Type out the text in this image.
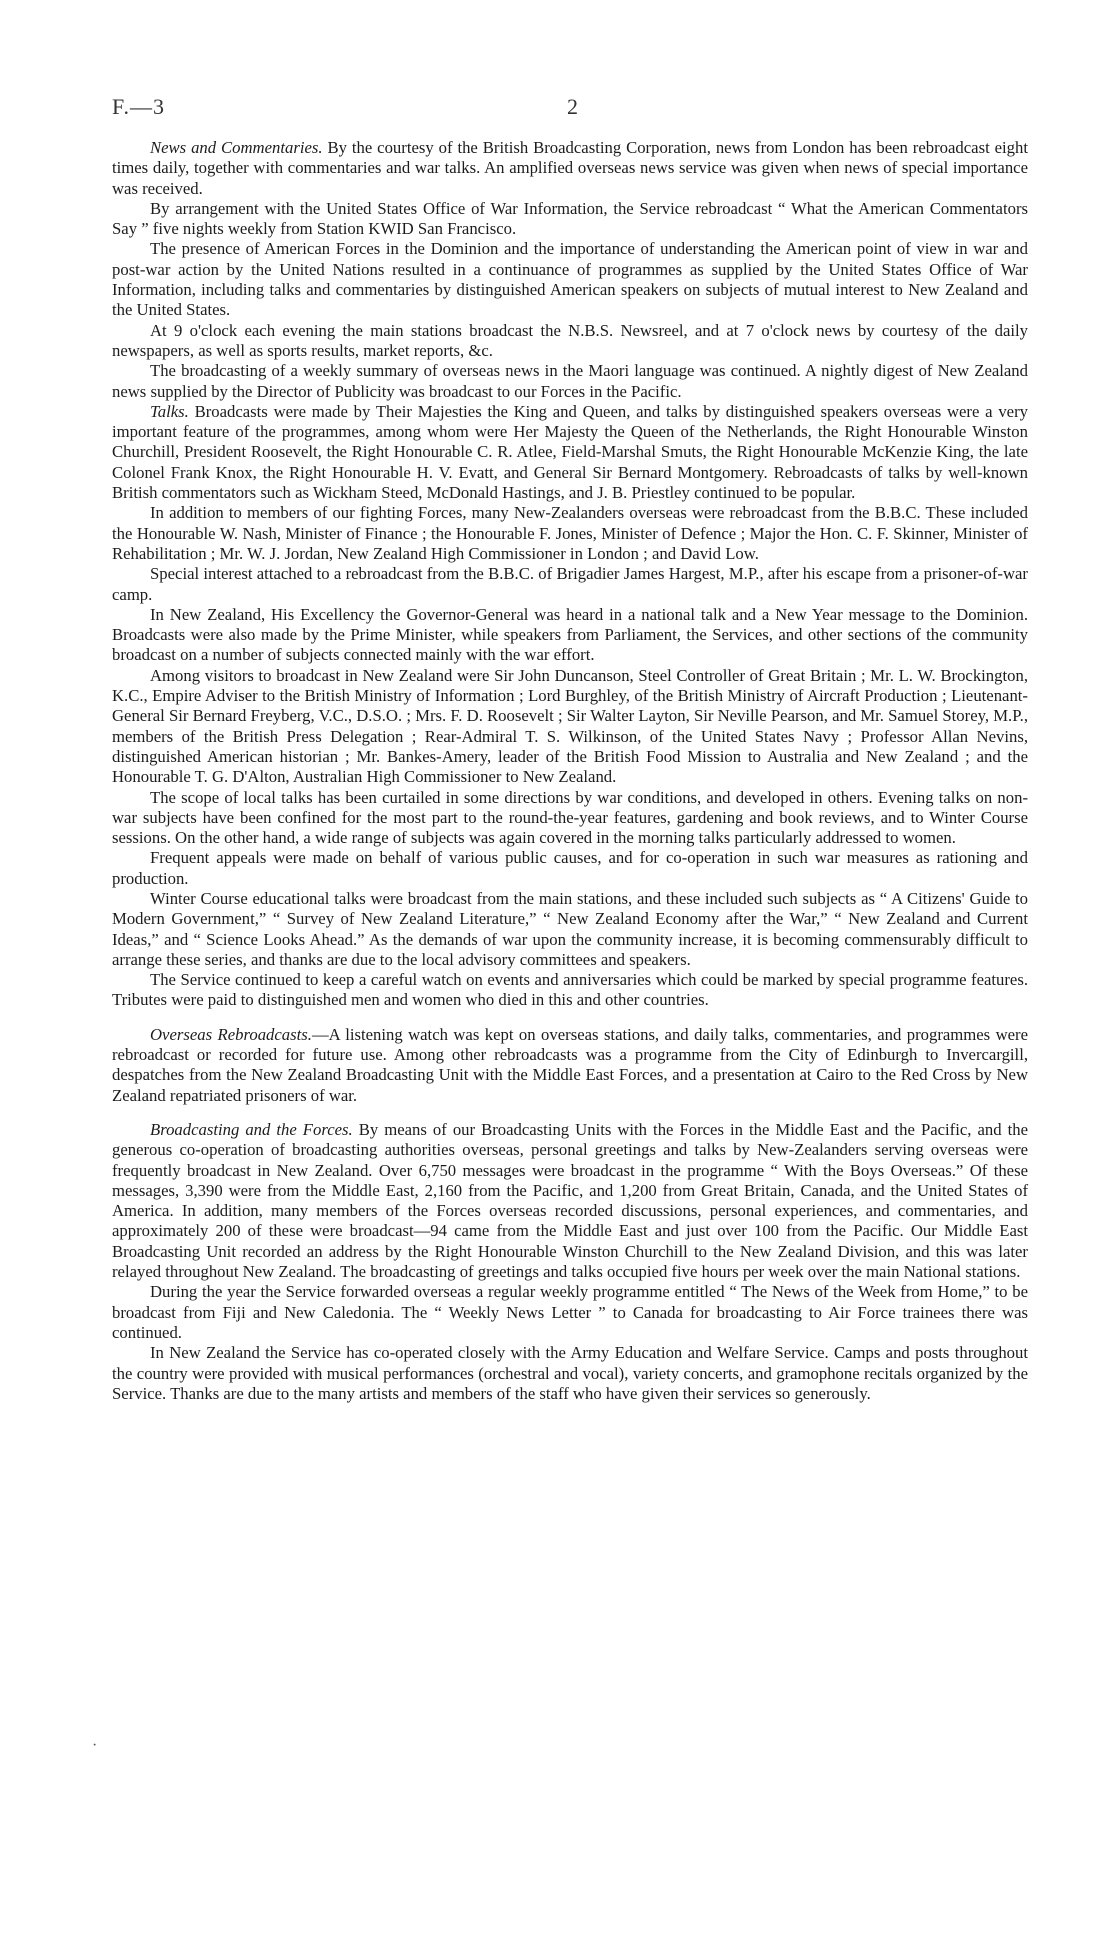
F.—3	2
·

News and Commentaries. By the courtesy of the British Broadcasting Corporation, news from London has been rebroadcast eight times daily, together with commentaries and war talks. An amplified overseas news service was given when news of special importance was received.

By arrangement with the United States Office of War Information, the Service rebroadcast “ What the American Commentators Say ” five nights weekly from Station KWID San Francisco.

The presence of American Forces in the Dominion and the importance of understanding the American point of view in war and post-war action by the United Nations resulted in a continuance of programmes as supplied by the United States Office of War Information, including talks and commentaries by distinguished American speakers on subjects of mutual interest to New Zealand and the United States.

At 9 o'clock each evening the main stations broadcast the N.B.S. Newsreel, and at 7 o'clock news by courtesy of the daily newspapers, as well as sports results, market reports, &c.

The broadcasting of a weekly summary of overseas news in the Maori language was continued. A nightly digest of New Zealand news supplied by the Director of Publicity was broadcast to our Forces in the Pacific.

Talks. Broadcasts were made by Their Majesties the King and Queen, and talks by distinguished speakers overseas were a very important feature of the programmes, among whom were Her Majesty the Queen of the Netherlands, the Right Honourable Winston Churchill, President Roosevelt, the Right Honourable C. R. Atlee, Field-Marshal Smuts, the Right Honourable McKenzie King, the late Colonel Frank Knox, the Right Honourable H. V. Evatt, and General Sir Bernard Montgomery. Rebroadcasts of talks by well-known British commentators such as Wickham Steed, McDonald Hastings, and J. B. Priestley continued to be popular.

In addition to members of our fighting Forces, many New-Zealanders overseas were rebroadcast from the B.B.C. These included the Honourable W. Nash, Minister of Finance ; the Honourable F. Jones, Minister of Defence ; Major the Hon. C. F. Skinner, Minister of Rehabilitation ; Mr. W. J. Jordan, New Zealand High Commissioner in London ; and David Low.

Special interest attached to a rebroadcast from the B.B.C. of Brigadier James Hargest, M.P., after his escape from a prisoner-of-war camp.

In New Zealand, His Excellency the Governor-General was heard in a national talk and a New Year message to the Dominion. Broadcasts were also made by the Prime Minister, while speakers from Parliament, the Services, and other sections of the community broadcast on a number of subjects connected mainly with the war effort.

Among visitors to broadcast in New Zealand were Sir John Duncanson, Steel Controller of Great Britain ; Mr. L. W. Brockington, K.C., Empire Adviser to the British Ministry of Information ; Lord Burghley, of the British Ministry of Aircraft Production ; Lieutenant-General Sir Bernard Freyberg, V.C., D.S.O. ; Mrs. F. D. Roosevelt ; Sir Walter Layton, Sir Neville Pearson, and Mr. Samuel Storey, M.P., members of the British Press Delegation ; Rear-Admiral T. S. Wilkinson, of the United States Navy ; Professor Allan Nevins, distinguished American historian ; Mr. Bankes-Amery, leader of the British Food Mission to Australia and New Zealand ; and the Honourable T. G. D'Alton, Australian High Commissioner to New Zealand.

The scope of local talks has been curtailed in some directions by war conditions, and developed in others. Evening talks on non-war subjects have been confined for the most part to the round-the-year features, gardening and book reviews, and to Winter Course sessions. On the other hand, a wide range of subjects was again covered in the morning talks particularly addressed to women.

Frequent appeals were made on behalf of various public causes, and for co-operation in such war measures as rationing and production.

Winter Course educational talks were broadcast from the main stations, and these included such subjects as “ A Citizens' Guide to Modern Government,” “ Survey of New Zealand Literature,” “ New Zealand Economy after the War,” “ New Zealand and Current Ideas,” and “ Science Looks Ahead.” As the demands of war upon the community increase, it is becoming commensurably difficult to arrange these series, and thanks are due to the local advisory committees and speakers.

The Service continued to keep a careful watch on events and anniversaries which could be marked by special programme features. Tributes were paid to distinguished men and women who died in this and other countries.

Overseas Rebroadcasts.—A listening watch was kept on overseas stations, and daily talks, commentaries, and programmes were rebroadcast or recorded for future use. Among other rebroadcasts was a programme from the City of Edinburgh to Invercargill, despatches from the New Zealand Broadcasting Unit with the Middle East Forces, and a presentation at Cairo to the Red Cross by New Zealand repatriated prisoners of war.

Broadcasting and the Forces. By means of our Broadcasting Units with the Forces in the Middle East and the Pacific, and the generous co-operation of broadcasting authorities overseas, personal greetings and talks by New-Zealanders serving overseas were frequently broadcast in New Zealand. Over 6,750 messages were broadcast in the programme “ With the Boys Overseas.” Of these messages, 3,390 were from the Middle East, 2,160 from the Pacific, and 1,200 from Great Britain, Canada, and the United States of America. In addition, many members of the Forces overseas recorded discussions, personal experiences, and commentaries, and approximately 200 of these were broadcast—94 came from the Middle East and just over 100 from the Pacific. Our Middle East Broadcasting Unit recorded an address by the Right Honourable Winston Churchill to the New Zealand Division, and this was later relayed throughout New Zealand. The broadcasting of greetings and talks occupied five hours per week over the main National stations.

During the year the Service forwarded overseas a regular weekly programme entitled “ The News of the Week from Home,” to be broadcast from Fiji and New Caledonia. The “ Weekly News Letter ” to Canada for broadcasting to Air Force trainees there was continued.

In New Zealand the Service has co-operated closely with the Army Education and Welfare Service. Camps and posts throughout the country were provided with musical performances (orchestral and vocal), variety concerts, and gramophone recitals organized by the Service. Thanks are due to the many artists and members of the staff who have given their services so generously.
